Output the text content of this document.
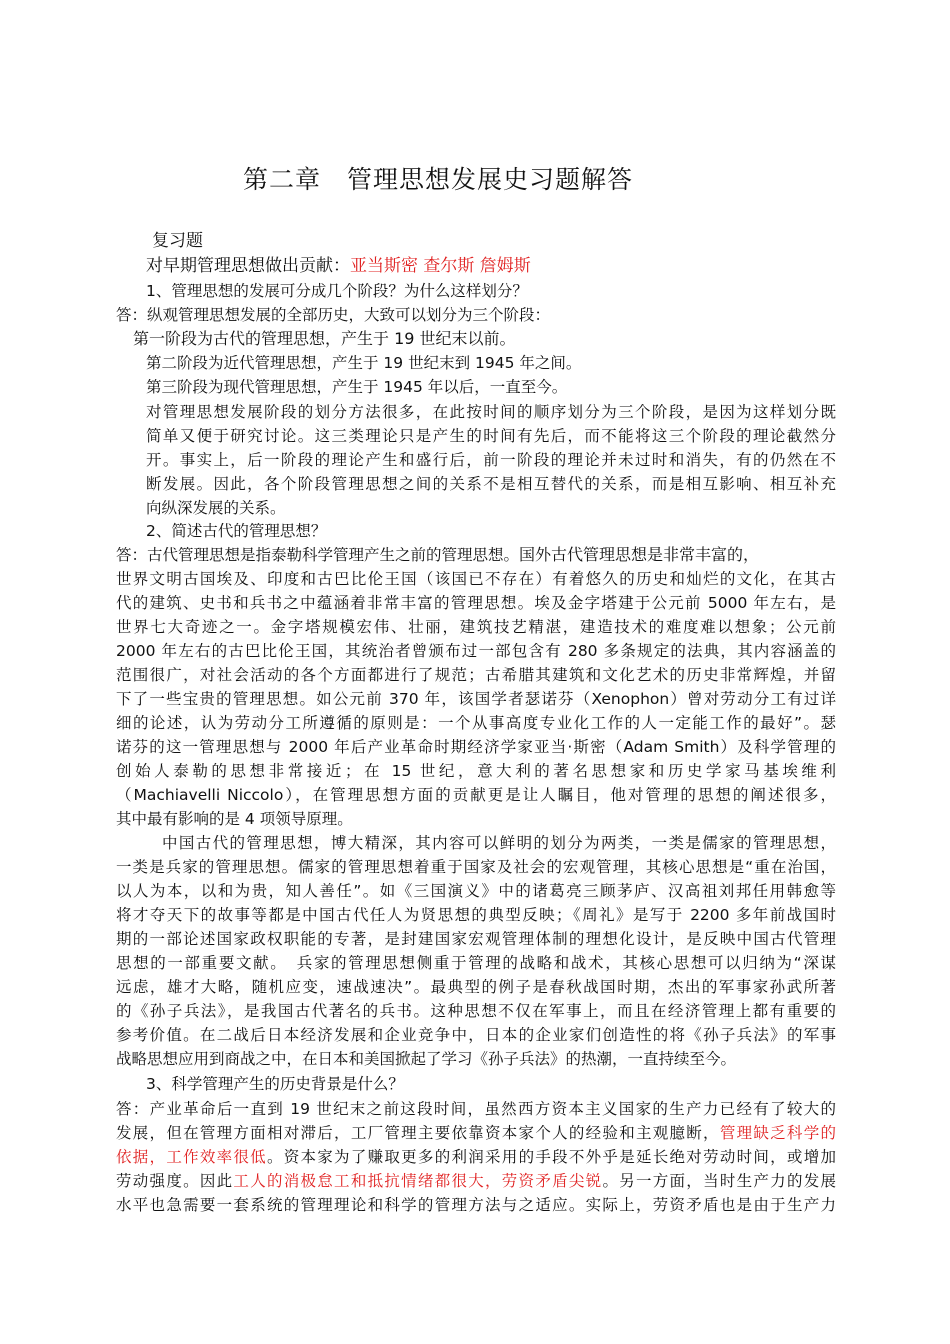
第二章　管理思想发展史习题解答
复习题
对早期管理思想做出贡献：亚当斯密 查尔斯 詹姆斯
1、管理思想的发展可分成几个阶段？为什么这样划分？
答：纵观管理思想发展的全部历史，大致可以划分为三个阶段：
第一阶段为古代的管理思想，产生于 19 世纪末以前。
第二阶段为近代管理思想，产生于 19 世纪末到 1945 年之间。
第三阶段为现代管理思想，产生于 1945 年以后，一直至今。
对管理思想发展阶段的划分方法很多，在此按时间的顺序划分为三个阶段，是因为这样划分既
简单又便于研究讨论。这三类理论只是产生的时间有先后，而不能将这三个阶段的理论截然分
开。事实上，后一阶段的理论产生和盛行后，前一阶段的理论并未过时和消失，有的仍然在不
断发展。因此，各个阶段管理思想之间的关系不是相互替代的关系，而是相互影响、相互补充
向纵深发展的关系。
2、简述古代的管理思想？
答：古代管理思想是指泰勒科学管理产生之前的管理思想。国外古代管理思想是非常丰富的，
世界文明古国埃及、印度和古巴比伦王国（该国已不存在）有着悠久的历史和灿烂的文化，在其古
代的建筑、史书和兵书之中蕴涵着非常丰富的管理思想。埃及金字塔建于公元前 5000 年左右，是
世界七大奇迹之一。金字塔规模宏伟、壮丽，建筑技艺精湛，建造技术的难度难以想象；公元前
2000 年左右的古巴比伦王国，其统治者曾颁布过一部包含有 280 多条规定的法典，其内容涵盖的
范围很广，对社会活动的各个方面都进行了规范；古希腊其建筑和文化艺术的历史非常辉煌，并留
下了一些宝贵的管理思想。如公元前 370 年，该国学者瑟诺芬（Xenophon）曾对劳动分工有过详
细的论述，认为劳动分工所遵循的原则是：一个从事高度专业化工作的人一定能工作的最好”。瑟
诺芬的这一管理思想与 2000 年后产业革命时期经济学家亚当·斯密（Adam Smith）及科学管理的
创始人泰勒的思想非常接近；在 15 世纪，意大利的著名思想家和历史学家马基埃维利
（Machiavelli Niccolo），在管理思想方面的贡献更是让人瞩目，他对管理的思想的阐述很多，
其中最有影响的是 4 项领导原理。
中国古代的管理思想，博大精深，其内容可以鲜明的划分为两类，一类是儒家的管理思想，
一类是兵家的管理思想。儒家的管理思想着重于国家及社会的宏观管理，其核心思想是“重在治国，
以人为本，以和为贵，知人善任”。如《三国演义》中的诸葛亮三顾茅庐、汉高祖刘邦任用韩愈等
将才夺天下的故事等都是中国古代任人为贤思想的典型反映；《周礼》是写于 2200 多年前战国时
期的一部论述国家政权职能的专著，是封建国家宏观管理体制的理想化设计，是反映中国古代管理
思想的一部重要文献。　兵家的管理思想侧重于管理的战略和战术，其核心思想可以归纳为“深谋
远虑，雄才大略，随机应变，速战速决”。最典型的例子是春秋战国时期，杰出的军事家孙武所著
的《孙子兵法》，是我国古代著名的兵书。这种思想不仅在军事上，而且在经济管理上都有重要的
参考价值。在二战后日本经济发展和企业竞争中，日本的企业家们创造性的将《孙子兵法》的军事
战略思想应用到商战之中，在日本和美国掀起了学习《孙子兵法》的热潮，一直持续至今。
3、科学管理产生的历史背景是什么？
答：产业革命后一直到 19 世纪末之前这段时间，虽然西方资本主义国家的生产力已经有了较大的
发展，但在管理方面相对滞后，工厂管理主要依靠资本家个人的经验和主观臆断，管理缺乏科学的
依据，工作效率很低。资本家为了赚取更多的利润采用的手段不外乎是延长绝对劳动时间，或增加
劳动强度。因此工人的消极怠工和抵抗情绪都很大，劳资矛盾尖锐。另一方面，当时生产力的发展
水平也急需要一套系统的管理理论和科学的管理方法与之适应。实际上，劳资矛盾也是由于生产力
